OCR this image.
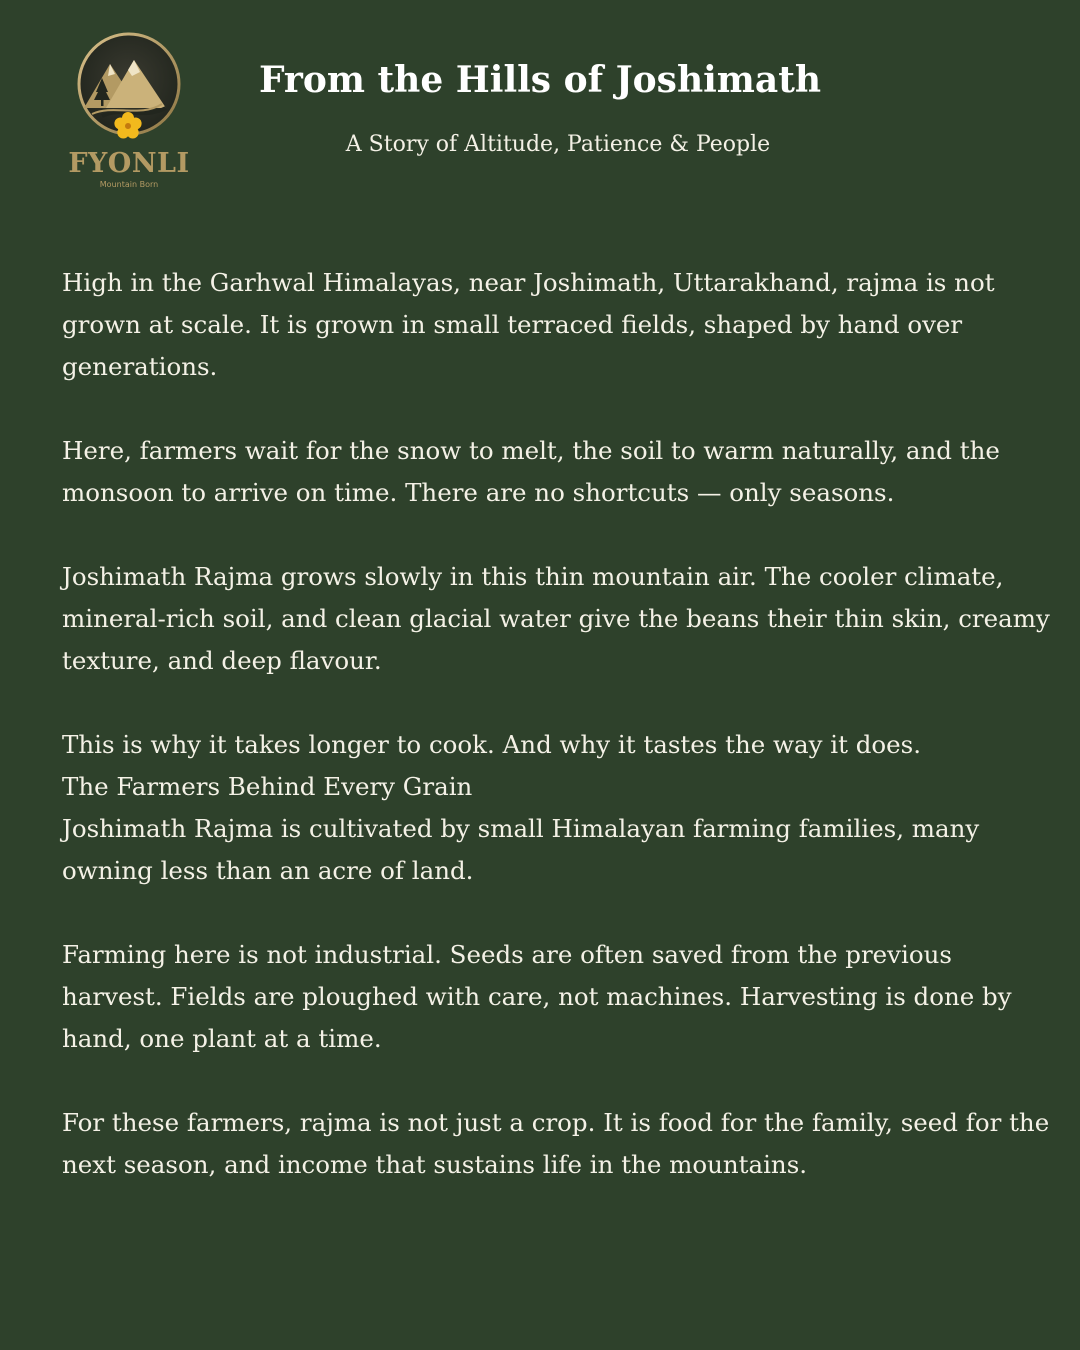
FYONLI
Mountain Born
From the Hills of Joshimath
A Story of Altitude, Patience & People

High in the Garhwal Himalayas, near Joshimath, Uttarakhand, rajma is not grown at scale. It is grown in small terraced fields, shaped by hand over generations.

Here, farmers wait for the snow to melt, the soil to warm naturally, and the monsoon to arrive on time. There are no shortcuts — only seasons.

Joshimath Rajma grows slowly in this thin mountain air. The cooler climate, mineral-rich soil, and clean glacial water give the beans their thin skin, creamy texture, and deep flavour.

This is why it takes longer to cook. And why it tastes the way it does.

The Farmers Behind Every Grain

Joshimath Rajma is cultivated by small Himalayan farming families, many owning less than an acre of land.

Farming here is not industrial. Seeds are often saved from the previous harvest. Fields are ploughed with care, not machines. Harvesting is done by hand, one plant at a time.

For these farmers, rajma is not just a crop. It is food for the family, seed for the next season, and income that sustains life in the mountains.
